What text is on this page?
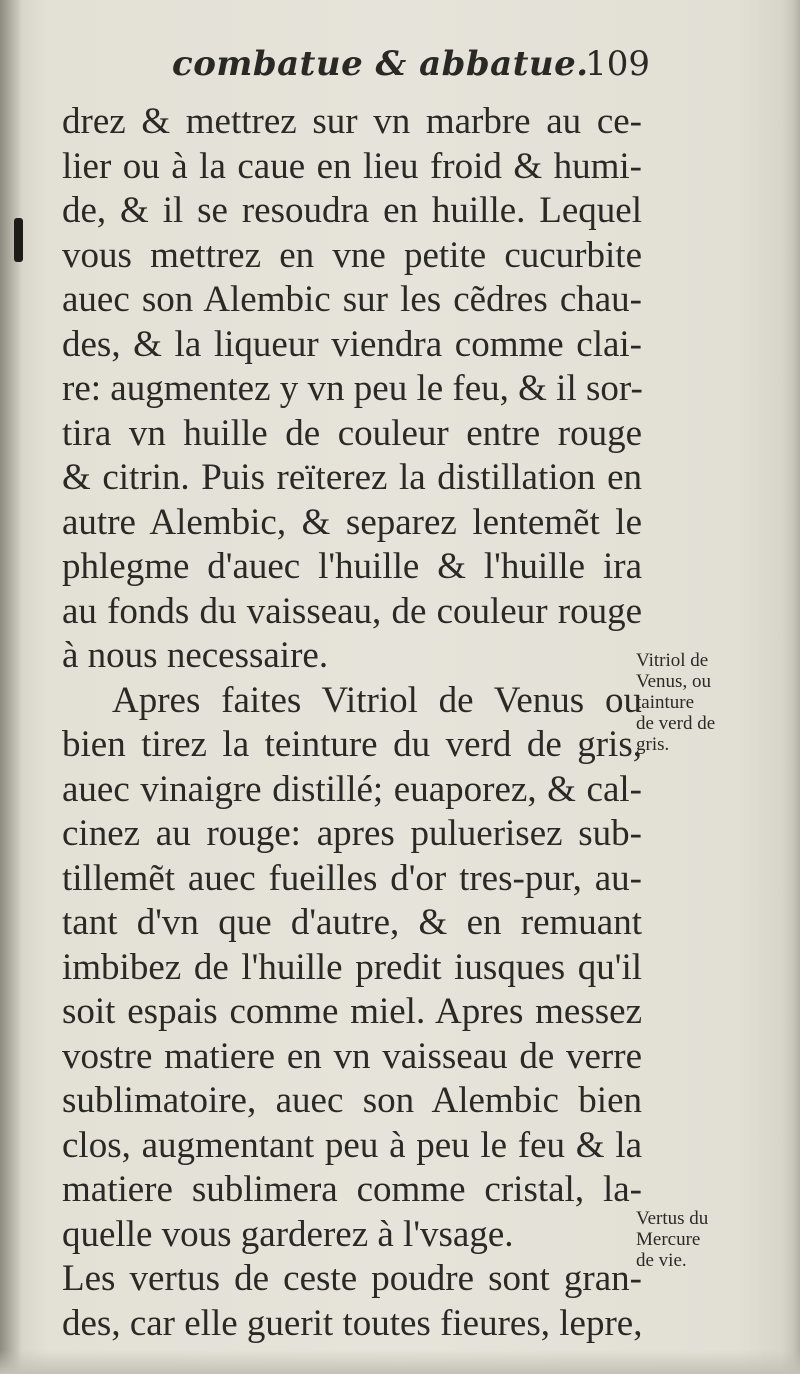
combatue & abbatue.
109
drez & mettrez sur vn marbre au ce-
lier ou à la caue en lieu froid & humi-
de, & il se resoudra en huille. Lequel
vous mettrez en vne petite cucurbite
auec son Alembic sur les cẽdres chau-
des, & la liqueur viendra comme clai-
re: augmentez y vn peu le feu, & il sor-
tira vn huille de couleur entre rouge
& citrin. Puis reïterez la distillation en
autre Alembic, & separez lentemẽt le
phlegme d'auec l'huille & l'huille ira
au fonds du vaisseau, de couleur rouge
à nous necessaire.
Apres faites Vitriol de Venus ou
bien tirez la teinture du verd de gris,
auec vinaigre distillé; euaporez, & cal-
cinez au rouge: apres puluerisez sub-
tillemẽt auec fueilles d'or tres-pur, au-
tant d'vn que d'autre, & en remuant
imbibez de l'huille predit iusques qu'il
soit espais comme miel. Apres messez
vostre matiere en vn vaisseau de verre
sublimatoire, auec son Alembic bien
clos, augmentant peu à peu le feu & la
matiere sublimera comme cristal, la-
quelle vous garderez à l'vsage.
Les vertus de ceste poudre sont gran-
des, car elle guerit toutes fieures, lepre,
Vitriol de
Venus, ou
tainture
de verd de
gris.
Vertus du
Mercure
de vie.
